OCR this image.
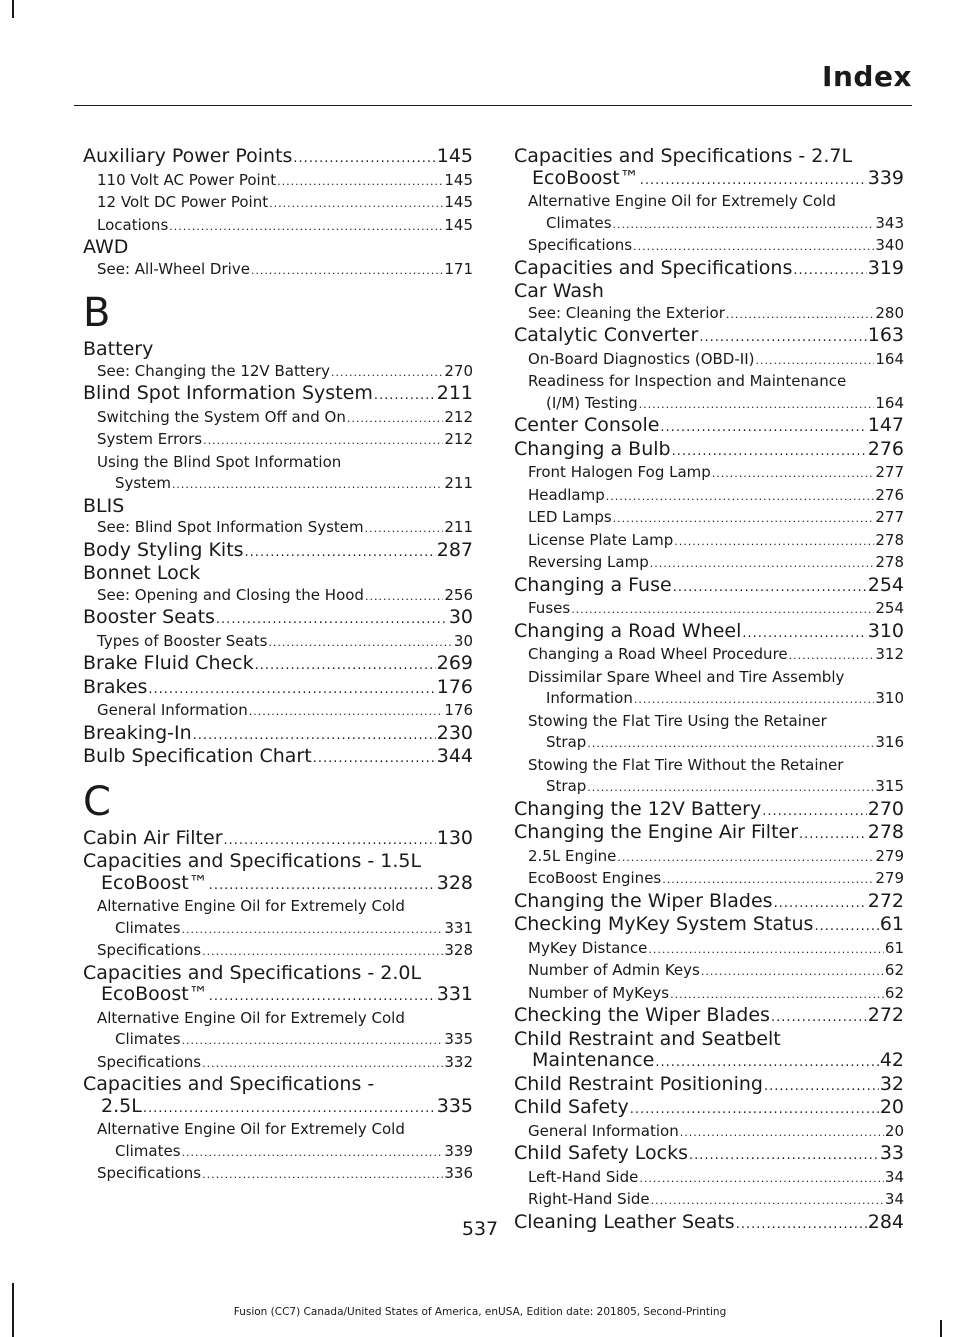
Index
Auxiliary Power Points .....	145
110 Volt AC Power Point .....	145
12 Volt DC Power Point .....	145
Locations .....	145
AWD
See: All-Wheel Drive .....	171
B
Battery
See: Changing the 12V Battery .....	270
Blind Spot Information System .....	211
Switching the System Off and On .....	212
System Errors .....	212
Using the Blind Spot Information
System .....	211
BLIS
See: Blind Spot Information System .....	211
Body Styling Kits .....	287
Bonnet Lock
See: Opening and Closing the Hood .....	256
Booster Seats .....	30
Types of Booster Seats .....	30
Brake Fluid Check .....	269
Brakes .....	176
General Information .....	176
Breaking-In .....	230
Bulb Specification Chart .....	344
C
Cabin Air Filter .....	130
Capacities and Specifications - 1.5L
EcoBoost™ .....	328
Alternative Engine Oil for Extremely Cold
Climates .....	331
Specifications .....	328
Capacities and Specifications - 2.0L
EcoBoost™ .....	331
Alternative Engine Oil for Extremely Cold
Climates .....	335
Specifications .....	332
Capacities and Specifications -
2.5L .....	335
Alternative Engine Oil for Extremely Cold
Climates .....	339
Specifications .....	336
Capacities and Specifications - 2.7L
EcoBoost™ .....	339
Alternative Engine Oil for Extremely Cold
Climates .....	343
Specifications .....	340
Capacities and Specifications .....	319
Car Wash
See: Cleaning the Exterior .....	280
Catalytic Converter .....	163
On-Board Diagnostics (OBD-II) .....	164
Readiness for Inspection and Maintenance
(I/M) Testing .....	164
Center Console .....	147
Changing a Bulb .....	276
Front Halogen Fog Lamp .....	277
Headlamp .....	276
LED Lamps .....	277
License Plate Lamp .....	278
Reversing Lamp .....	278
Changing a Fuse .....	254
Fuses .....	254
Changing a Road Wheel .....	310
Changing a Road Wheel Procedure .....	312
Dissimilar Spare Wheel and Tire Assembly
Information .....	310
Stowing the Flat Tire Using the Retainer
Strap .....	316
Stowing the Flat Tire Without the Retainer
Strap .....	315
Changing the 12V Battery .....	270
Changing the Engine Air Filter .....	278
2.5L Engine .....	279
EcoBoost Engines .....	279
Changing the Wiper Blades .....	272
Checking MyKey System Status .....	61
MyKey Distance .....	61
Number of Admin Keys .....	62
Number of MyKeys .....	62
Checking the Wiper Blades .....	272
Child Restraint and Seatbelt
Maintenance .....	42
Child Restraint Positioning .....	32
Child Safety .....	20
General Information .....	20
Child Safety Locks .....	33
Left-Hand Side .....	34
Right-Hand Side .....	34
Cleaning Leather Seats .....	284
537
Fusion (CC7) Canada/United States of America, enUSA, Edition date: 201805, Second-Printing
